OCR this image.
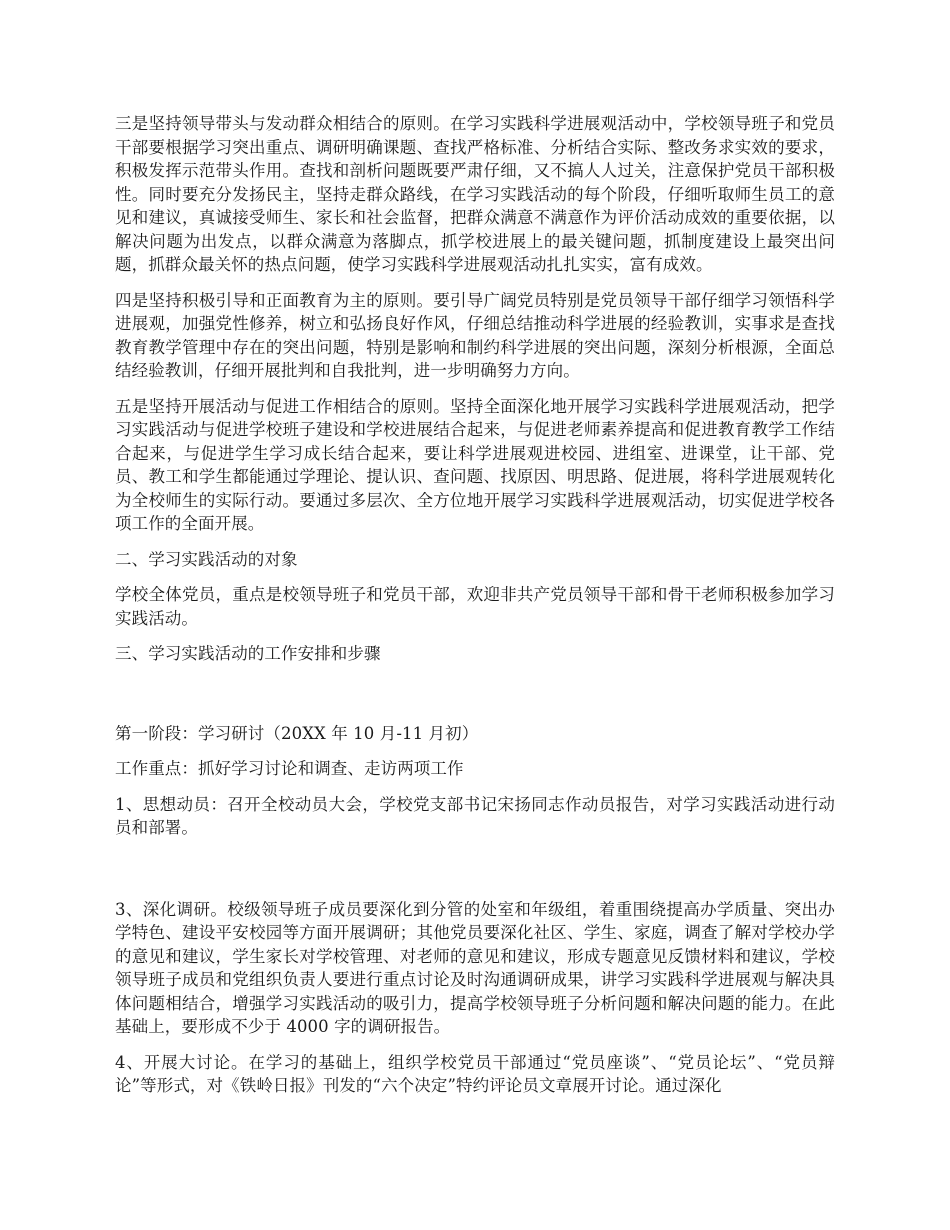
三是坚持领导带头与发动群众相结合的原则。在学习实践科学进展观活动中，学校领导班子和党员干部要根据学习突出重点、调研明确课题、查找严格标准、分析结合实际、整改务求实效的要求，积极发挥示范带头作用。查找和剖析问题既要严肃仔细，又不搞人人过关，注意保护党员干部积极性。同时要充分发扬民主，坚持走群众路线，在学习实践活动的每个阶段，仔细听取师生员工的意见和建议，真诚接受师生、家长和社会监督，把群众满意不满意作为评价活动成效的重要依据，以解决问题为出发点，以群众满意为落脚点，抓学校进展上的最关键问题，抓制度建设上最突出问题，抓群众最关怀的热点问题，使学习实践科学进展观活动扎扎实实，富有成效。

四是坚持积极引导和正面教育为主的原则。要引导广阔党员特别是党员领导干部仔细学习领悟科学进展观，加强党性修养，树立和弘扬良好作风，仔细总结推动科学进展的经验教训，实事求是查找教育教学管理中存在的突出问题，特别是影响和制约科学进展的突出问题，深刻分析根源，全面总结经验教训，仔细开展批判和自我批判，进一步明确努力方向。

五是坚持开展活动与促进工作相结合的原则。坚持全面深化地开展学习实践科学进展观活动，把学习实践活动与促进学校班子建设和学校进展结合起来，与促进老师素养提高和促进教育教学工作结合起来，与促进学生学习成长结合起来，要让科学进展观进校园、进组室、进课堂，让干部、党员、教工和学生都能通过学理论、提认识、查问题、找原因、明思路、促进展，将科学进展观转化为全校师生的实际行动。要通过多层次、全方位地开展学习实践科学进展观活动，切实促进学校各项工作的全面开展。

二、学习实践活动的对象

学校全体党员，重点是校领导班子和党员干部，欢迎非共产党员领导干部和骨干老师积极参加学习实践活动。

三、学习实践活动的工作安排和步骤

第一阶段：学习研讨（20XX 年 10 月-11 月初）

工作重点：抓好学习讨论和调查、走访两项工作

1、思想动员：召开全校动员大会，学校党支部书记宋扬同志作动员报告，对学习实践活动进行动员和部署。

3、深化调研。校级领导班子成员要深化到分管的处室和年级组，着重围绕提高办学质量、突出办学特色、建设平安校园等方面开展调研；其他党员要深化社区、学生、家庭，调查了解对学校办学的意见和建议，学生家长对学校管理、对老师的意见和建议，形成专题意见反馈材料和建议，学校领导班子成员和党组织负责人要进行重点讨论及时沟通调研成果，讲学习实践科学进展观与解决具体问题相结合，增强学习实践活动的吸引力，提高学校领导班子分析问题和解决问题的能力。在此基础上，要形成不少于 4000 字的调研报告。

4、开展大讨论。在学习的基础上，组织学校党员干部通过“党员座谈”、“党员论坛”、“党员辩论”等形式，对《铁岭日报》刊发的“六个决定”特约评论员文章展开讨论。通过深化
